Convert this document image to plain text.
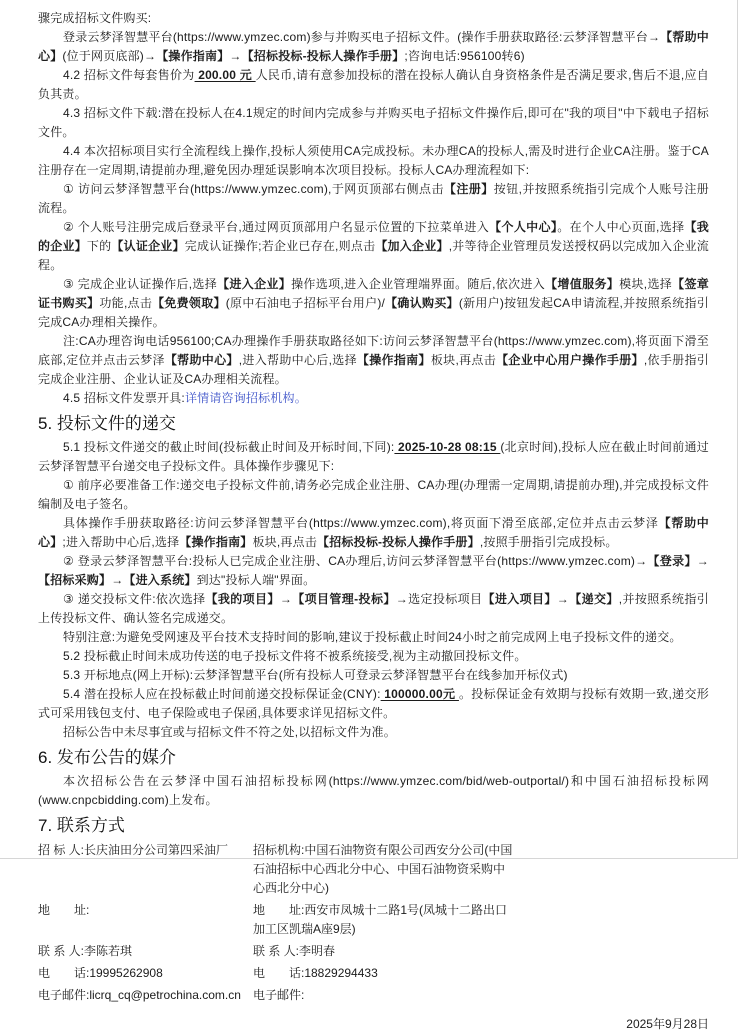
骤完成招标文件购买:

登录云梦泽智慧平台(https://www.ymzec.com)参与并购买电子招标文件。(操作手册获取路径:云梦泽智慧平台→【帮助中心】(位于网页底部)→【操作指南】→【招标投标-投标人操作手册】;咨询电话:956100转6)

4.2 招标文件每套售价为 200.00 元 人民币,请有意参加投标的潜在投标人确认自身资格条件是否满足要求,售后不退,应自负其责。

4.3 招标文件下载:潜在投标人在4.1规定的时间内完成参与并购买电子招标文件操作后,即可在"我的项目"中下载电子招标文件。

4.4 本次招标项目实行全流程线上操作,投标人须使用CA完成投标。未办理CA的投标人,需及时进行企业CA注册。鉴于CA注册存在一定周期,请提前办理,避免因办理延误影响本次项目投标。投标人CA办理流程如下:

① 访问云梦泽智慧平台(https://www.ymzec.com),于网页顶部右侧点击【注册】按钮,并按照系统指引完成个人账号注册流程。

② 个人账号注册完成后登录平台,通过网页顶部用户名显示位置的下拉菜单进入【个人中心】。在个人中心页面,选择【我的企业】下的【认证企业】完成认证操作;若企业已存在,则点击【加入企业】,并等待企业管理员发送授权码以完成加入企业流程。

③ 完成企业认证操作后,选择【进入企业】操作选项,进入企业管理端界面。随后,依次进入【增值服务】模块,选择【签章证书购买】功能,点击【免费领取】(原中石油电子招标平台用户)/【确认购买】(新用户)按钮发起CA申请流程,并按照系统指引完成CA办理相关操作。

注:CA办理咨询电话956100;CA办理操作手册获取路径如下:访问云梦泽智慧平台(https://www.ymzec.com),将页面下滑至底部,定位并点击云梦泽【帮助中心】,进入帮助中心后,选择【操作指南】板块,再点击【企业中心用户操作手册】,依手册指引完成企业注册、企业认证及CA办理相关流程。

4.5 招标文件发票开具:详情请咨询招标机构。

5. 投标文件的递交

5.1 投标文件递交的截止时间(投标截止时间及开标时间,下同): 2025-10-28 08:15 (北京时间),投标人应在截止时间前通过云梦泽智慧平台递交电子投标文件。具体操作步骤见下:

① 前序必要准备工作:递交电子投标文件前,请务必完成企业注册、CA办理(办理需一定周期,请提前办理),并完成投标文件编制及电子签名。

具体操作手册获取路径:访问云梦泽智慧平台(https://www.ymzec.com),将页面下滑至底部,定位并点击云梦泽【帮助中心】;进入帮助中心后,选择【操作指南】板块,再点击【招标投标-投标人操作手册】,按照手册指引完成投标。

② 登录云梦泽智慧平台:投标人已完成企业注册、CA办理后,访问云梦泽智慧平台(https://www.ymzec.com)→【登录】→【招标采购】→【进入系统】到达"投标人端"界面。

③ 递交投标文件:依次选择【我的项目】→【项目管理-投标】→选定投标项目【进入项目】→【递交】,并按照系统指引上传投标文件、确认签名完成递交。

特别注意:为避免受网速及平台技术支持时间的影响,建议于投标截止时间24小时之前完成网上电子投标文件的递交。

5.2 投标截止时间未成功传送的电子投标文件将不被系统接受,视为主动撤回投标文件。

5.3 开标地点(网上开标):云梦泽智慧平台(所有投标人可登录云梦泽智慧平台在线参加开标仪式)

5.4 潜在投标人应在投标截止时间前递交投标保证金(CNY): 100000.00元 。投标保证金有效期与投标有效期一致,递交形式可采用钱包支付、电子保险或电子保函,具体要求详见招标文件。

招标公告中未尽事宜或与招标文件不符之处,以招标文件为准。

6. 发布公告的媒介

本次招标公告在云梦泽中国石油招标投标网(https://www.ymzec.com/bid/web-outportal/)和中国石油招标投标网(www.cnpcbidding.com)上发布。

7. 联系方式
招 标 人:长庆油田分公司第四采油厂	招标机构:中国石油物资有限公司西安分公司(中国石油招标中心西北分中心、中国石油物资采购中心西北分中心)
地　　址:	地　　址:西安市凤城十二路1号(凤城十二路出口加工区凯瑞A座9层)
联 系 人:李陈若琪	联 系 人:李明春
电　　话:19995262908	电　　话:18829294433
电子邮件:licrq_cq@petrochina.com.cn	电子邮件:
2025年9月28日
